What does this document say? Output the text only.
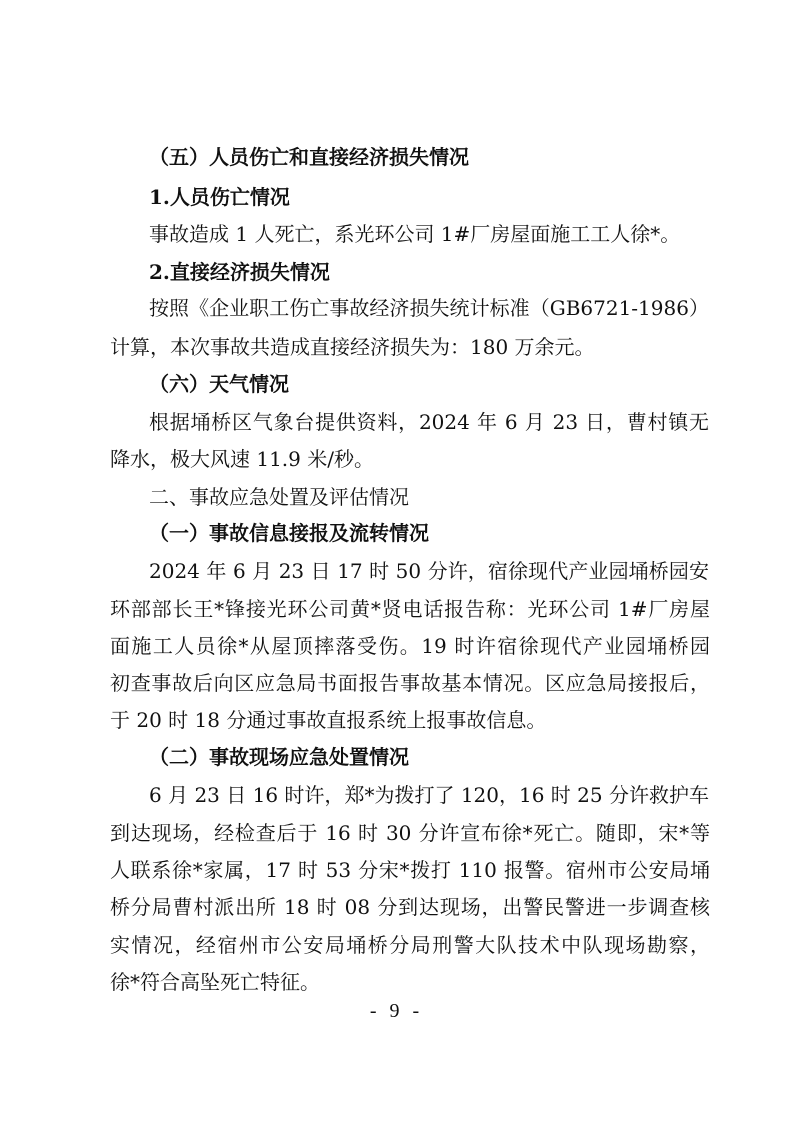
（五）人员伤亡和直接经济损失情况
1.人员伤亡情况
事故造成 1 人死亡，系光环公司 1#厂房屋面施工工人徐*。
2.直接经济损失情况
按照《企业职工伤亡事故经济损失统计标准（GB6721-1986）
计算，本次事故共造成直接经济损失为：180 万余元。
（六）天气情况
根据埇桥区气象台提供资料，2024 年 6 月 23 日，曹村镇无
降水，极大风速 11.9 米/秒。
二、事故应急处置及评估情况
（一）事故信息接报及流转情况
2024 年 6 月 23 日 17 时 50 分许，宿徐现代产业园埇桥园安
环部部长王*锋接光环公司黄*贤电话报告称：光环公司 1#厂房屋
面施工人员徐*从屋顶摔落受伤。19 时许宿徐现代产业园埇桥园
初查事故后向区应急局书面报告事故基本情况。区应急局接报后，
于 20 时 18 分通过事故直报系统上报事故信息。
（二）事故现场应急处置情况
6 月 23 日 16 时许，郑*为拨打了 120，16 时 25 分许救护车
到达现场，经检查后于 16 时 30 分许宣布徐*死亡。随即，宋*等
人联系徐*家属，17 时 53 分宋*拨打 110 报警。宿州市公安局埇
桥分局曹村派出所 18 时 08 分到达现场，出警民警进一步调查核
实情况，经宿州市公安局埇桥分局刑警大队技术中队现场勘察，
徐*符合高坠死亡特征。
- 9 -
